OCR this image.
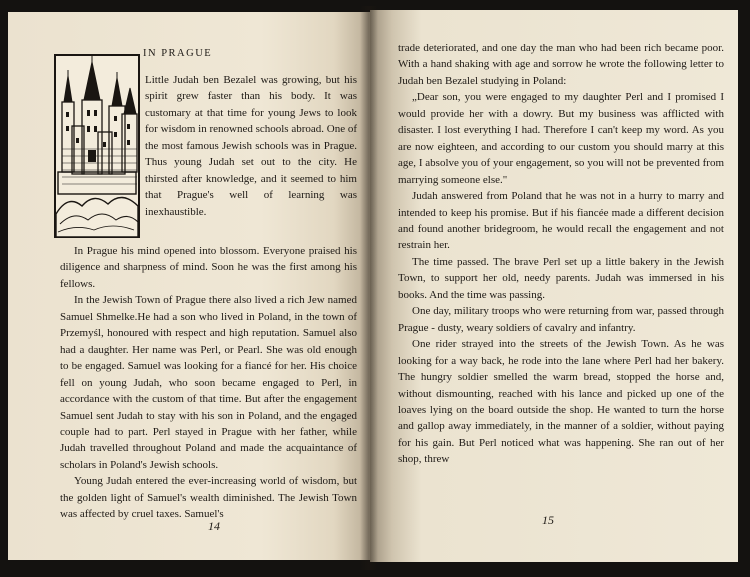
IN PRAGUE

Little Judah ben Bezalel was growing, but his spirit grew faster than his body. It was customary at that time for young Jews to look for wisdom in renowned schools abroad. One of the most famous Jewish schools was in Prague. Thus young Judah set out to the city. He thirsted after knowledge, and it seemed to him that Prague's well of learning was inexhaustible.

In Prague his mind opened into blossom. Everyone praised his diligence and sharpness of mind. Soon he was the first among his fellows.

In the Jewish Town of Prague there also lived a rich Jew named Samuel Shmelke.He had a son who lived in Poland, in the town of Przemyśl, honoured with respect and high reputation. Samuel also had a daughter. Her name was Perl, or Pearl. She was old enough to be engaged. Samuel was looking for a fiancé for her. His choice fell on young Judah, who soon became engaged to Perl, in accordance with the custom of that time. But after the engagement Samuel sent Judah to stay with his son in Poland, and the engaged couple had to part. Perl stayed in Prague with her father, while Judah travelled throughout Poland and made the acquaintance of scholars in Poland's Jewish schools.

Young Judah entered the ever-increasing world of wisdom, but the golden light of Samuel's wealth diminished. The Jewish Town was affected by cruel taxes. Samuel's

14

trade deteriorated, and one day the man who had been rich became poor. With a hand shaking with age and sorrow he wrote the following letter to Judah ben Bezalel studying in Poland:

„Dear son, you were engaged to my daughter Perl and I promised I would provide her with a dowry. But my business was afflicted with disaster. I lost everything I had. Therefore I can't keep my word. As you are now eighteen, and according to our custom you should marry at this age, I absolve you of your engagement, so you will not be prevented from marrying someone else."

Judah answered from Poland that he was not in a hurry to marry and intended to keep his promise. But if his fiancée made a different decision and found another bridegroom, he would recall the engagement and not restrain her.

The time passed. The brave Perl set up a little bakery in the Jewish Town, to support her old, needy parents. Judah was immersed in his books. And the time was passing.

One day, military troops who were returning from war, passed through Prague - dusty, weary soldiers of cavalry and infantry.

One rider strayed into the streets of the Jewish Town. As he was looking for a way back, he rode into the lane where Perl had her bakery. The hungry soldier smelled the warm bread, stopped the horse and, without dismounting, reached with his lance and picked up one of the loaves lying on the board outside the shop. He wanted to turn the horse and gallop away immediately, in the manner of a soldier, without paying for his gain. But Perl noticed what was happening. She ran out of her shop, threw

15
